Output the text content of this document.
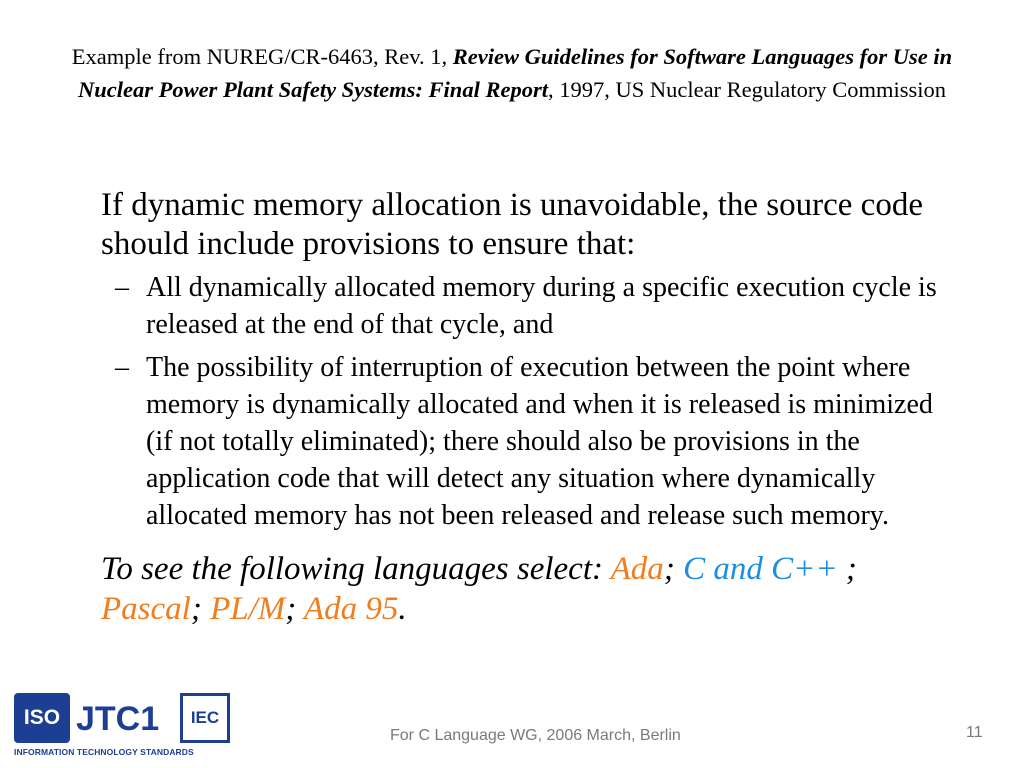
Example from NUREG/CR-6463, Rev. 1, Review Guidelines for Software Languages for Use in Nuclear Power Plant Safety Systems: Final Report, 1997, US Nuclear Regulatory Commission

If dynamic memory allocation is unavoidable, the source code should include provisions to ensure that:

– All dynamically allocated memory during a specific execution cycle is released at the end of that cycle, and
– The possibility of interruption of execution between the point where memory is dynamically allocated and when it is released is minimized (if not totally eliminated); there should also be provisions in the application code that will detect any situation where dynamically allocated memory has not been released and release such memory.

To see the following languages select: Ada; C and C++ ; Pascal; PL/M; Ada 95.

ISO JTC1	IEC
INFORMATION TECHNOLOGY STANDARDS
For C Language WG, 2006 March, Berlin	11
